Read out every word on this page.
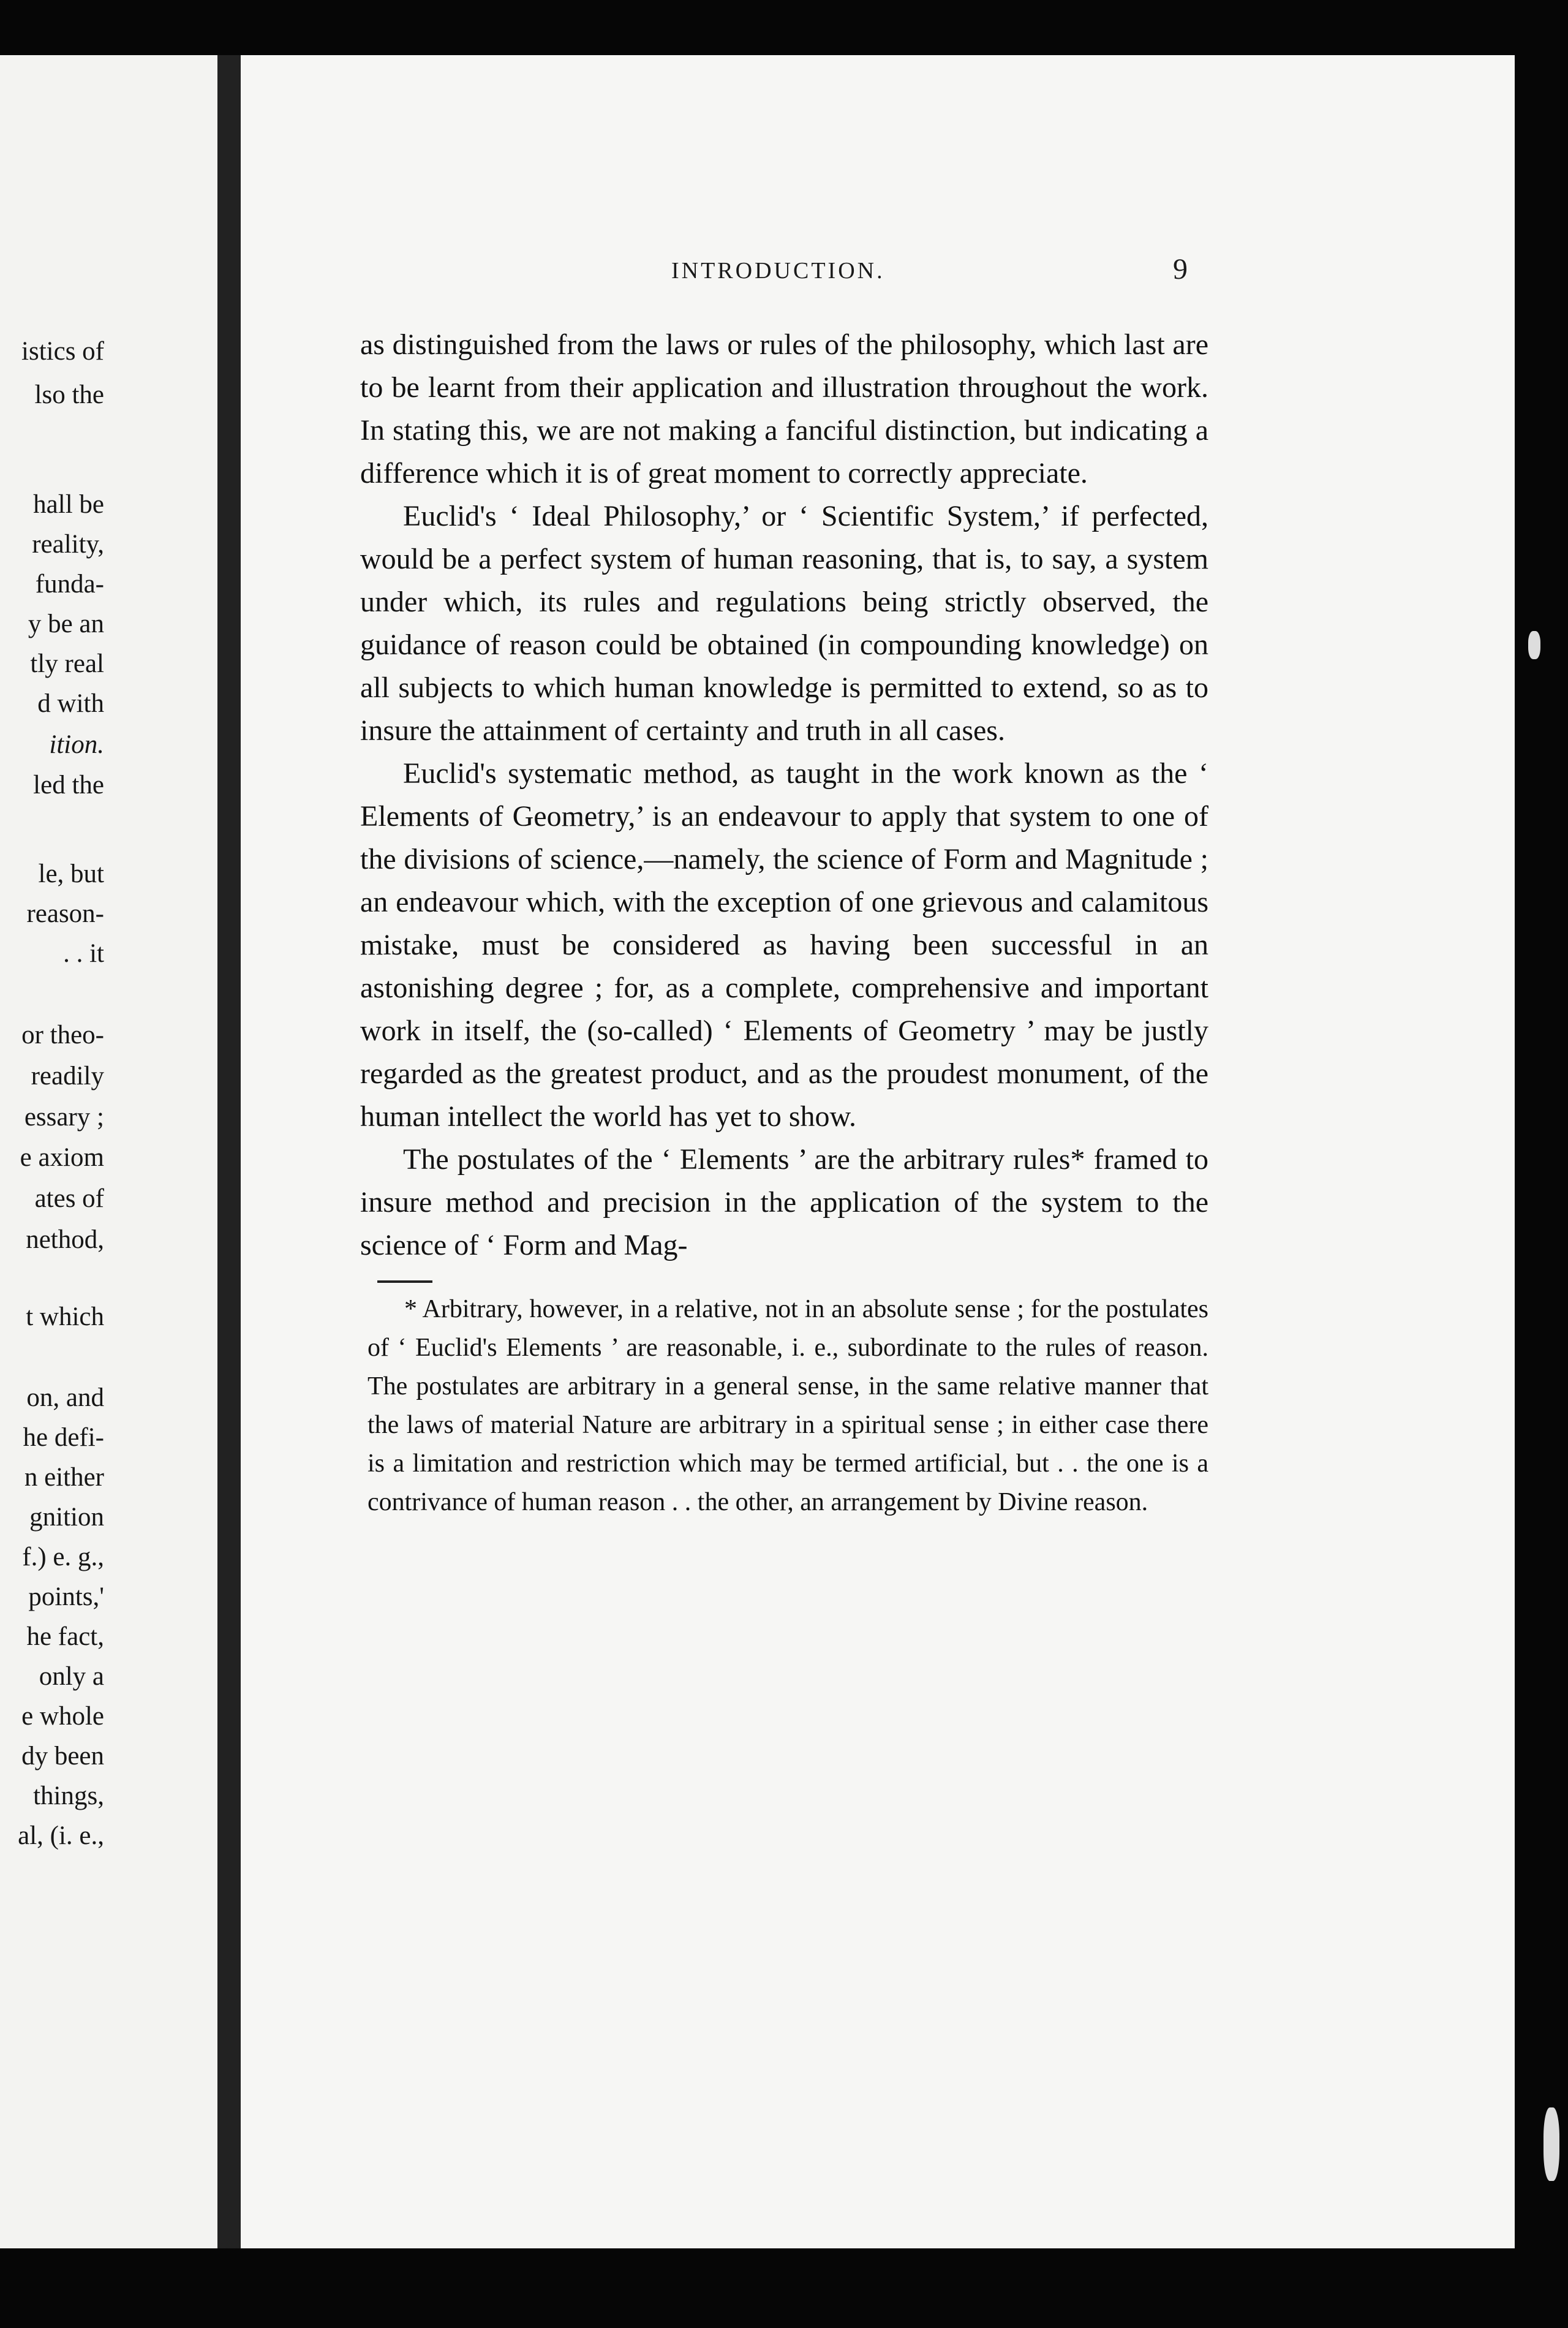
istics of
lso the
hall be
reality,
funda-
y be an
tly real
d with
ition.
led the
le, but
reason-
. . it
or theo-
readily
essary ;
e axiom
ates of
nethod,
t which
on, and
he defi-
n either
gnition
f.) e. g.,
points,'
he fact,
only a
e whole
dy been
things,
al, (i. e.,
INTRODUCTION.	9

as distinguished from the laws or rules of the philosophy, which last are to be learnt from their application and illustration throughout the work. In stating this, we are not making a fanciful distinction, but indicating a difference which it is of great moment to correctly appreciate.

Euclid's ‘ Ideal Philosophy,’ or ‘ Scientific System,’ if perfected, would be a perfect system of human reasoning, that is, to say, a system under which, its rules and regulations being strictly observed, the guidance of reason could be obtained (in compounding knowledge) on all subjects to which human knowledge is permitted to extend, so as to insure the attainment of certainty and truth in all cases.

Euclid's systematic method, as taught in the work known as the ‘ Elements of Geometry,’ is an endeavour to apply that system to one of the divisions of science,—namely, the science of Form and Magnitude ; an endeavour which, with the exception of one grievous and calamitous mistake, must be considered as having been successful in an astonishing degree ; for, as a complete, comprehensive and important work in itself, the (so-called) ‘ Elements of Geometry ’ may be justly regarded as the greatest product, and as the proudest monument, of the human intellect the world has yet to show.

The postulates of the ‘ Elements ’ are the arbitrary rules* framed to insure method and precision in the application of the system to the science of ‘ Form and Mag-

* Arbitrary, however, in a relative, not in an absolute sense ; for the postulates of ‘ Euclid's Elements ’ are reasonable, i. e., subordinate to the rules of reason. The postulates are arbitrary in a general sense, in the same relative manner that the laws of material Nature are arbitrary in a spiritual sense ; in either case there is a limitation and restriction which may be termed artificial, but . . the one is a contrivance of human reason . . the other, an arrangement by Divine reason.
